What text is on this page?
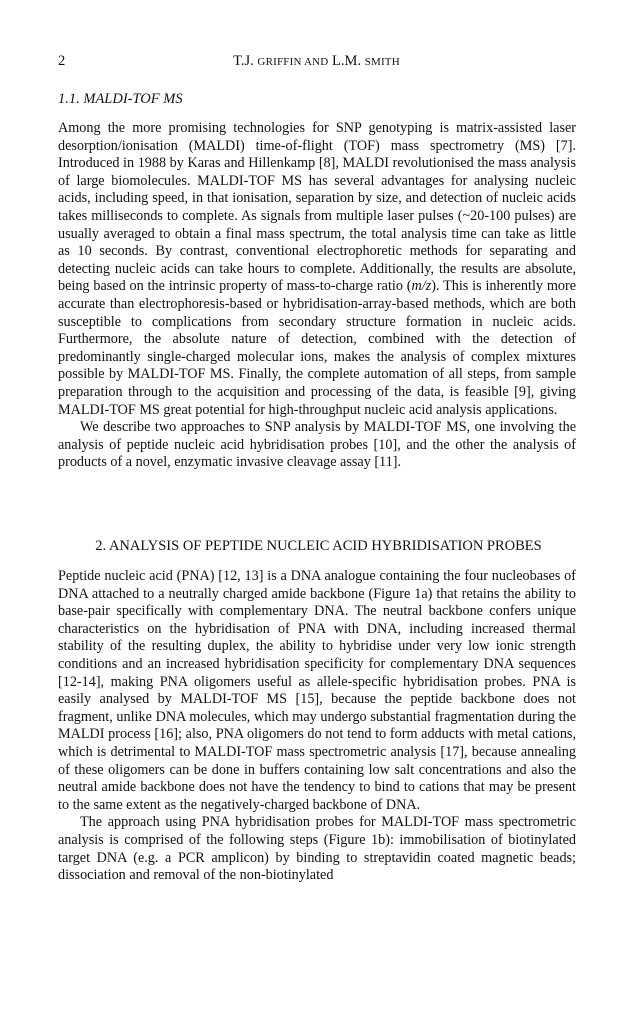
2	T.J. GRIFFIN AND L.M. SMITH
1.1. MALDI-TOF MS

Among the more promising technologies for SNP genotyping is matrix-assisted laser desorption/ionisation (MALDI) time-of-flight (TOF) mass spectrometry (MS) [7]. Introduced in 1988 by Karas and Hillenkamp [8], MALDI revolutionised the mass analysis of large biomolecules. MALDI-TOF MS has several advantages for analysing nucleic acids, including speed, in that ionisation, separation by size, and detection of nucleic acids takes milliseconds to complete. As signals from multiple laser pulses (~20-100 pulses) are usually averaged to obtain a final mass spectrum, the total analysis time can take as little as 10 seconds. By contrast, conventional electrophoretic methods for separating and detecting nucleic acids can take hours to complete. Additionally, the results are absolute, being based on the intrinsic property of mass-to-charge ratio (m/z). This is inherently more accurate than electrophoresis-based or hybridisation-array-based methods, which are both susceptible to complications from secondary structure formation in nucleic acids. Furthermore, the absolute nature of detection, combined with the detection of predominantly single-charged molecular ions, makes the analysis of complex mixtures possible by MALDI-TOF MS. Finally, the complete automation of all steps, from sample preparation through to the acquisition and processing of the data, is feasible [9], giving MALDI-TOF MS great potential for high-throughput nucleic acid analysis applications.

We describe two approaches to SNP analysis by MALDI-TOF MS, one involving the analysis of peptide nucleic acid hybridisation probes [10], and the other the analysis of products of a novel, enzymatic invasive cleavage assay [11].

2. ANALYSIS OF PEPTIDE NUCLEIC ACID HYBRIDISATION PROBES

Peptide nucleic acid (PNA) [12, 13] is a DNA analogue containing the four nucleobases of DNA attached to a neutrally charged amide backbone (Figure 1a) that retains the ability to base-pair specifically with complementary DNA. The neutral backbone confers unique characteristics on the hybridisation of PNA with DNA, including increased thermal stability of the resulting duplex, the ability to hybridise under very low ionic strength conditions and an increased hybridisation specificity for complementary DNA sequences [12-14], making PNA oligomers useful as allele-specific hybridisation probes. PNA is easily analysed by MALDI-TOF MS [15], because the peptide backbone does not fragment, unlike DNA molecules, which may undergo substantial fragmentation during the MALDI process [16]; also, PNA oligomers do not tend to form adducts with metal cations, which is detrimental to MALDI-TOF mass spectrometric analysis [17], because annealing of these oligomers can be done in buffers containing low salt concentrations and also the neutral amide backbone does not have the tendency to bind to cations that may be present to the same extent as the negatively-charged backbone of DNA.

The approach using PNA hybridisation probes for MALDI-TOF mass spectrometric analysis is comprised of the following steps (Figure 1b): immobilisation of biotinylated target DNA (e.g. a PCR amplicon) by binding to streptavidin coated magnetic beads; dissociation and removal of the non-biotinylated
